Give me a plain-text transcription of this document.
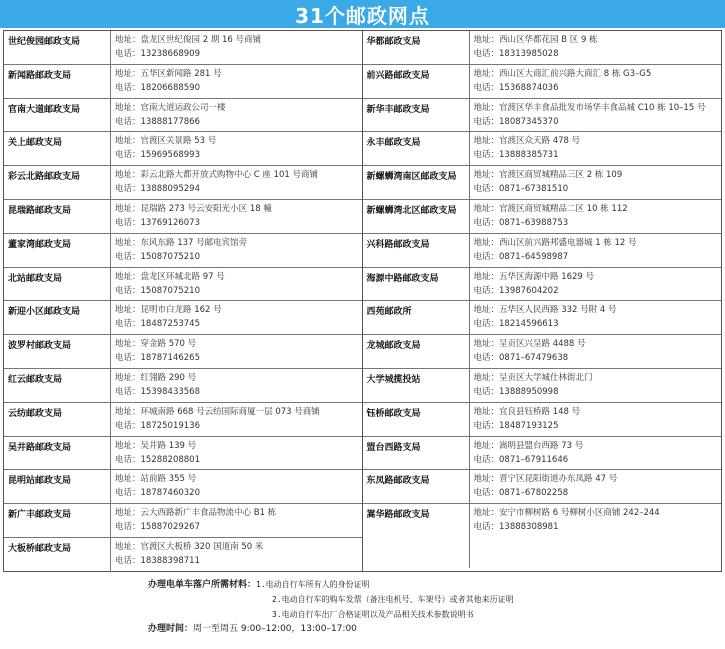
31个邮政网点
世纪俊园邮政支局	地址：盘龙区世纪俊园 2 期 16 号商铺
电话：13238668909
新闻路邮政支局	地址：五华区新闻路 281 号
电话：18206688590
官南大道邮政支局	地址：官南大道运政公司一楼
电话：13888177866
关上邮政支局	地址：官渡区关景路 53 号
电话：15969568993
彩云北路邮政支局	地址：彩云北路大都开放式购物中心 C 座 101 号商铺
电话：13888095294
昆瑞路邮政支局	地址：昆瑞路 273 号云安阳光小区 18 幢
电话：13769126073
董家湾邮政支局	地址：东风东路 137 号邮电宾馆旁
电话：15087075210
北站邮政支局	地址：盘龙区环城北路 97 号
电话：15087075210
新迎小区邮政支局	地址：昆明市白龙路 162 号
电话：18487253745
波罗村邮政支局	地址：穿金路 570 号
电话：18787146265
红云邮政支局	地址：红翎路 290 号
电话：15398433568
云纺邮政支局	地址：环城南路 668 号云纺国际商厦一层 073 号商铺
电话：18725019136
吴井路邮政支局	地址：吴井路 139 号
电话：15288208801
昆明站邮政支局	地址：站前路 355 号
电话：18787460320
新广丰邮政支局	地址：云大西路新广丰食品物流中心 B1 栋
电话：15887029267
大板桥邮政支局	地址：官渡区大板桥 320 国道南 50 米
电话：18388398711
华都邮政支局	地址：西山区华都花园 B 区 9 栋
电话：18313985028
前兴路邮政支局	地址：西山区大商汇前兴路大商汇 8 栋 G3–G5
电话：15368874036
新华丰邮政支局	地址：官渡区华丰食品批发市场华丰食品城 C10 栋 10–15 号
电话：18087345370
永丰邮政支局	地址：官渡区众天路 478 号
电话：13888385731
新螺蛳湾南区邮政支局	地址：官渡区商贸城精品三区 2 栋 109
电话：0871–67381510
新螺蛳湾北区邮政支局	地址：官渡区商贸城精品二区 10 栋 112
电话：0871–63988753
兴科路邮政支局	地址：西山区前兴路邦盛电器城 1 栋 12 号
电话：0871–64598987
海源中路邮政支局	地址：五华区海源中路 1629 号
电话：13987604202
西苑邮政所	地址：五华区人民西路 332 号附 4 号
电话：18214596613
龙城邮政支局	地址：呈贡区兴呈路 4488 号
电话：0871–67479638
大学城揽投站	地址：呈贡区大学城仕林街北门
电话：13888950998
钰桥邮政支局	地址：宜良县钰桥路 148 号
电话：18487193125
盟台西路支局	地址：嵩明县盟台西路 73 号
电话：0871–67911646
东凤路邮政支局	地址：晋宁区昆阳街道办东凤路 47 号
电话：0871–67802258
嵩华路邮政支局	地址：安宁市柳树路 6 号柳树小区商铺 242–244
电话：13888308981
办理电单车落户所需材料：1.电动自行车所有人的身份证明
2.电动自行车的购车发票（备注电机号、车架号）或者其他来历证明
3.电动自行车出厂合格证明以及产品相关技术参数说明书
办理时间：周一至周五 9:00–12:00，13:00–17:00
